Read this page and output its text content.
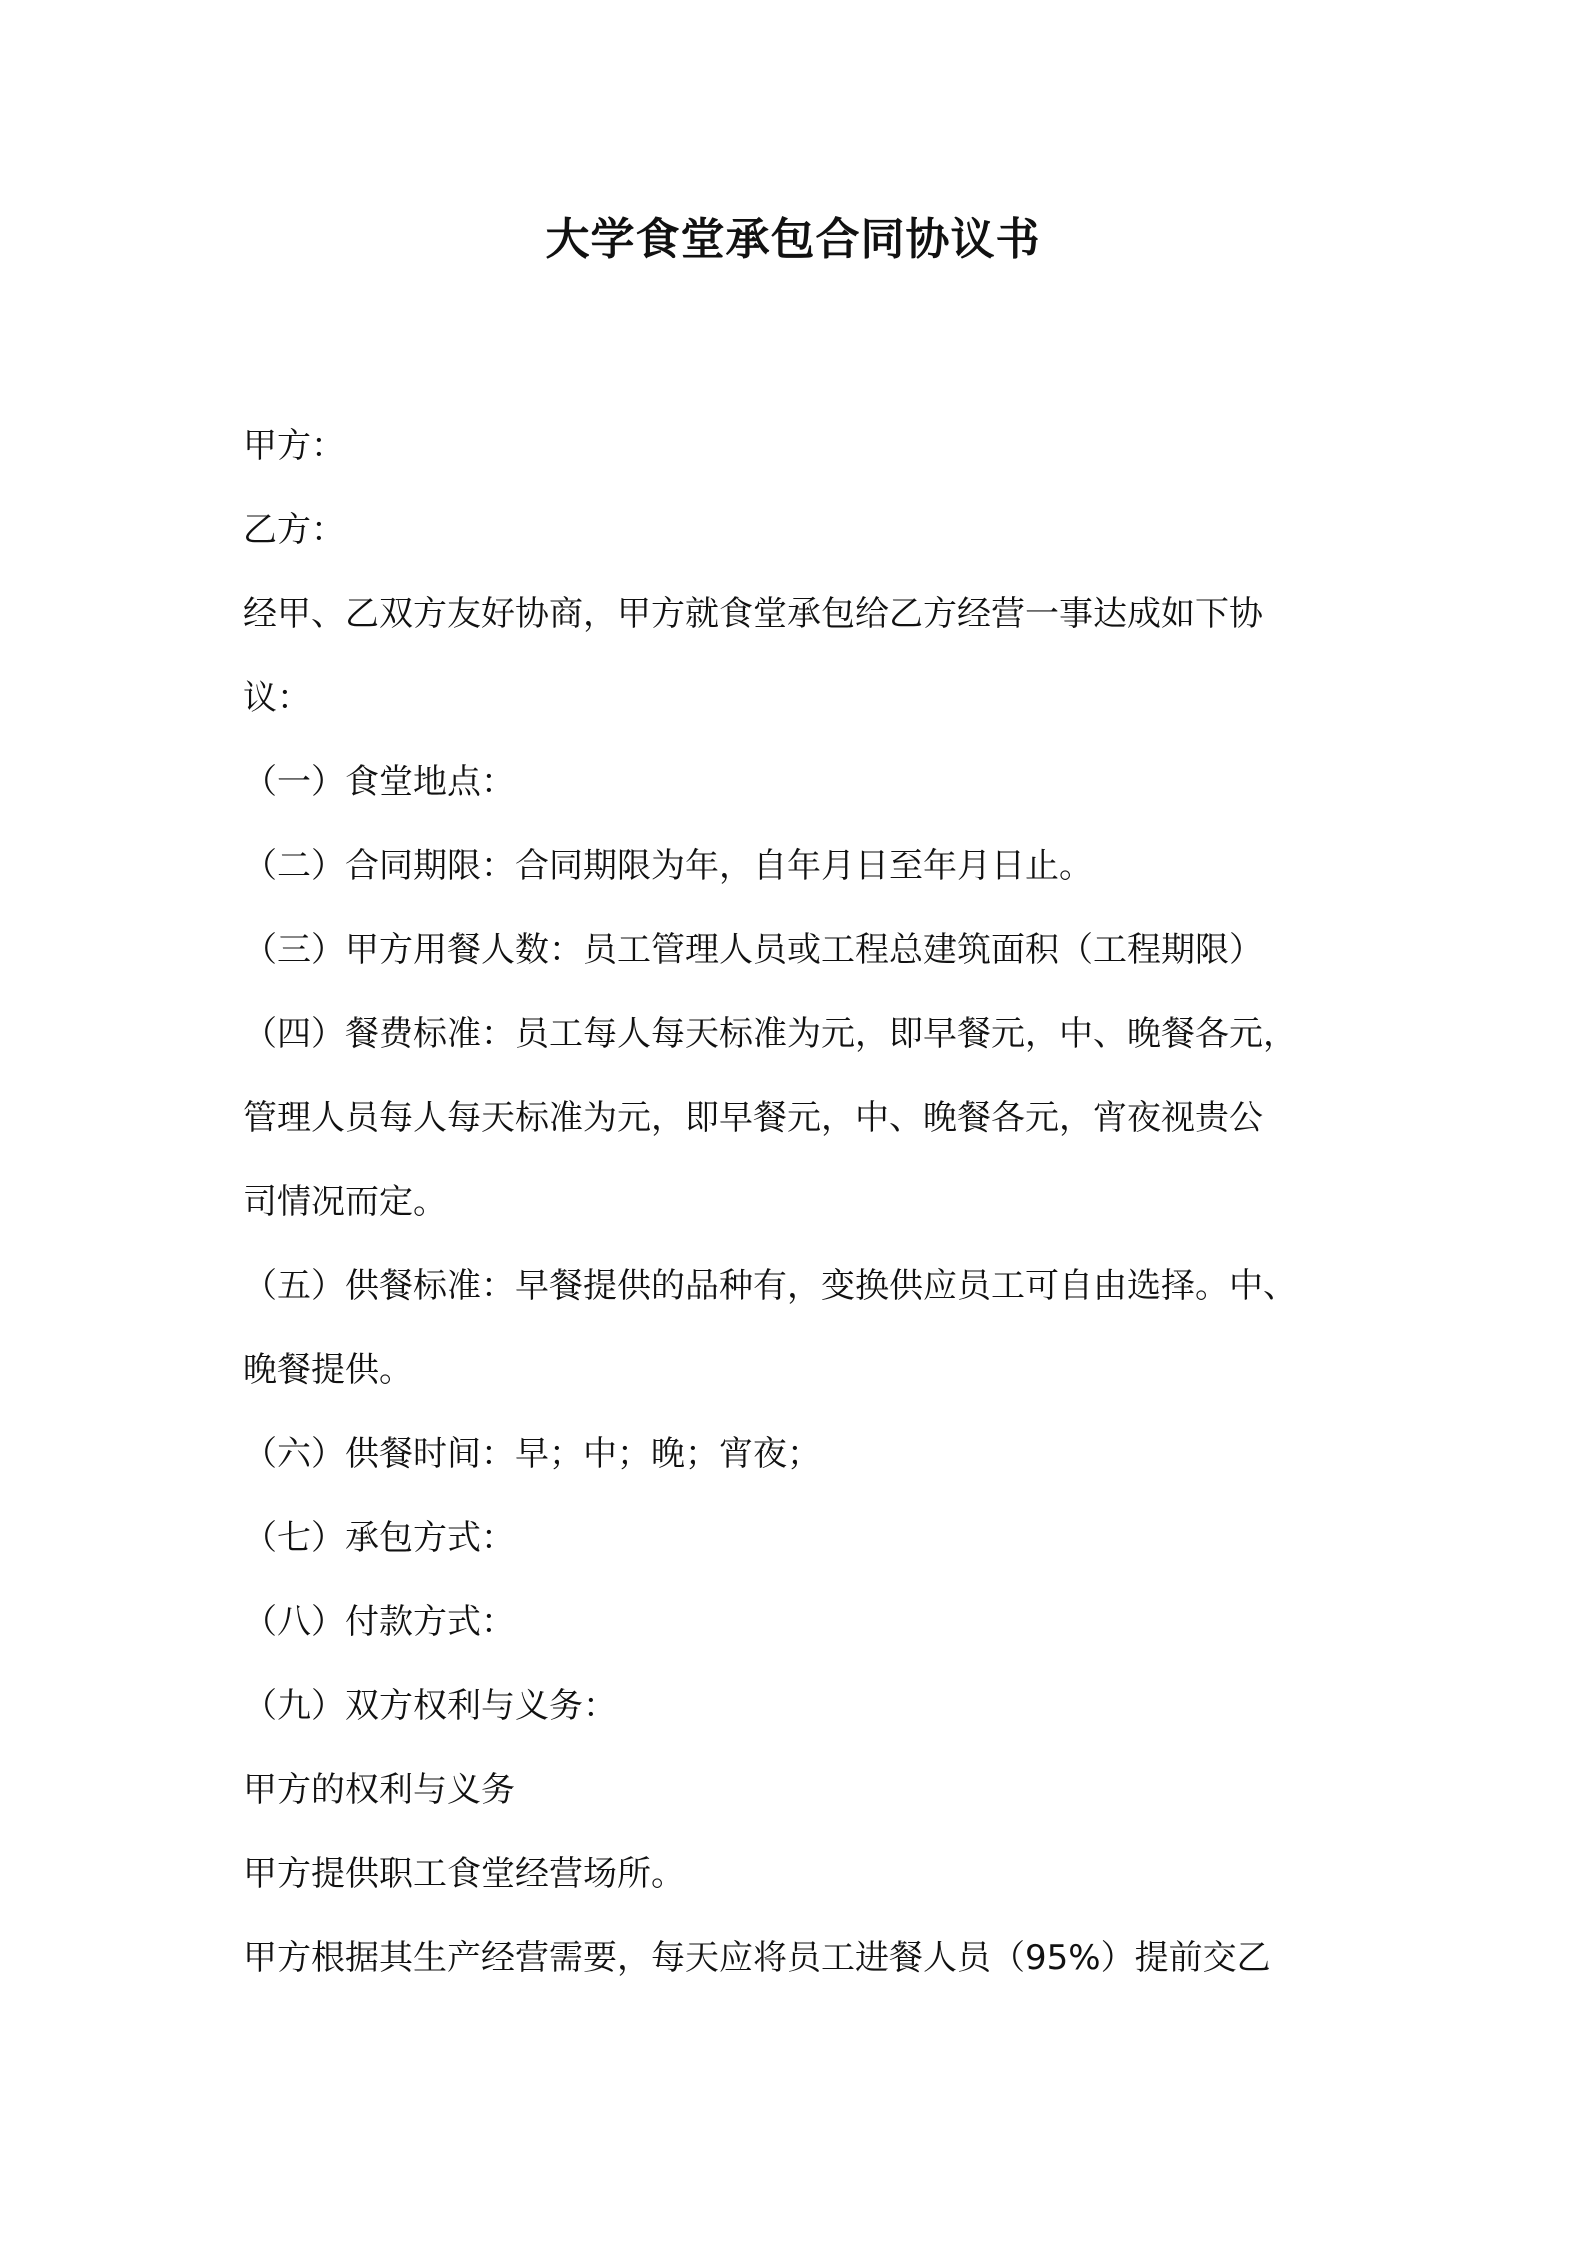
大学食堂承包合同协议书
甲方：
乙方：
经甲、乙双方友好协商，甲方就食堂承包给乙方经营一事达成如下协
议：
（一）食堂地点：
（二）合同期限：合同期限为年，自年月日至年月日止。
（三）甲方用餐人数：员工管理人员或工程总建筑面积（工程期限）
（四）餐费标准：员工每人每天标准为元，即早餐元，中、晚餐各元，
管理人员每人每天标准为元，即早餐元，中、晚餐各元，宵夜视贵公
司情况而定。
（五）供餐标准：早餐提供的品种有，变换供应员工可自由选择。中、
晚餐提供。
（六）供餐时间：早；中；晚；宵夜；
（七）承包方式：
（八）付款方式：
（九）双方权利与义务：
甲方的权利与义务
甲方提供职工食堂经营场所。
甲方根据其生产经营需要，每天应将员工进餐人员（95%）提前交乙
